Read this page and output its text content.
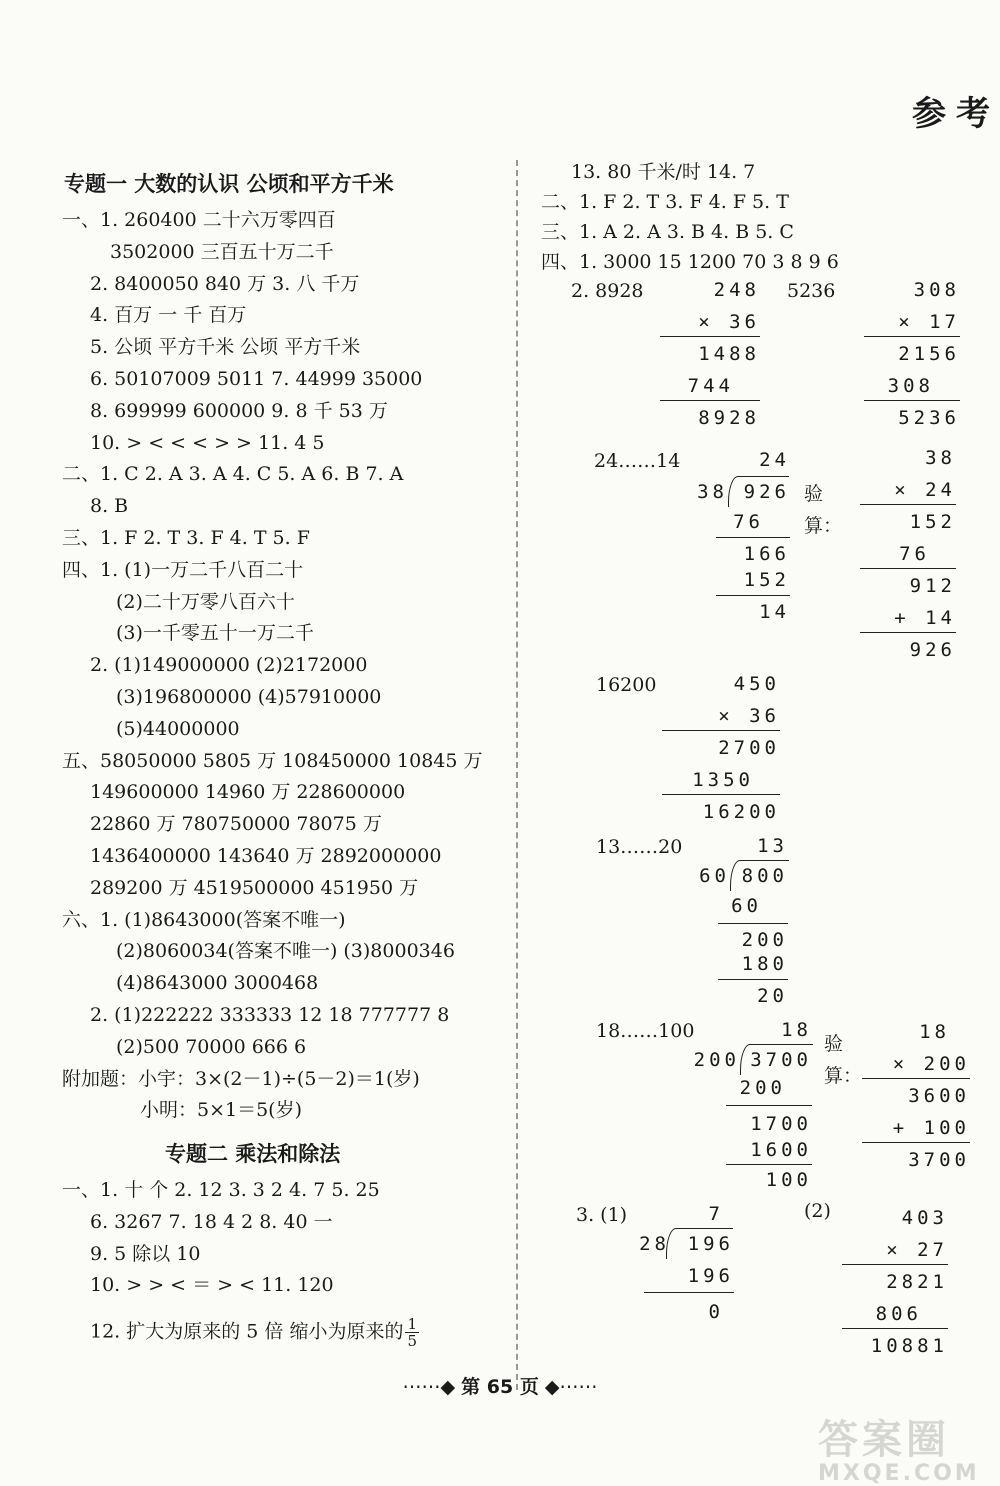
参考
专题一 大数的认识 公顷和平方千米
一、1. 260400 二十六万零四百
3502000 三百五十万二千
2. 8400050 840 万 3. 八 千万
4. 百万 一 千 百万
5. 公顷 平方千米 公顷 平方千米
6. 50107009 5011 7. 44999 35000
8. 699999 600000 9. 8 千 53 万
10. > < < < > > 11. 4 5
二、1. C 2. A 3. A 4. C 5. A 6. B 7. A
8. B
三、1. F 2. T 3. F 4. T 5. F
四、1. (1)一万二千八百二十
(2)二十万零八百六十
(3)一千零五十一万二千
2. (1)149000000 (2)2172000
(3)196800000 (4)57910000
(5)44000000
五、58050000 5805 万 108450000 10845 万
149600000 14960 万 228600000
22860 万 780750000 78075 万
1436400000 143640 万 2892000000
289200 万 4519500000 451950 万
六、1. (1)8643000(答案不唯一)
(2)8060034(答案不唯一) (3)8000346
(4)8643000 3000468
2. (1)222222 333333 12 18 777777 8
(2)500 70000 666 6
附加题：小宇：3×(2－1)÷(5－2)＝1(岁)
小明：5×1＝5(岁)
专题二 乘法和除法
一、1. 十 个 2. 12 3. 3 2 4. 7 5. 25
6. 3267 7. 18 4 2 8. 40 一
9. 5 除以 10
10. > > < ＝ > < 11. 120
12. 扩大为原来的 5 倍 缩小为原来的 $\frac{1}{5}$
13. 80 千米/时 14. 7
二、1. F 2. T 3. F 4. F 5. T
三、1. A 2. A 3. B 4. B 5. C
四、1. 3000 15 1200 70 3 8 9 6
2. 8928	248
× 36
1488
744
8928
5236	308
× 17
2156
308
5236
24……14	24
38 926
76
166
152
14
验算：
38
× 24
152
76
912
+ 14
926
16200	450
× 36
2700
1350
16200
13……20	13
60 800
60
200
180
20
18……100	18
200 3700
200
1700
1600
100
验算：
18
× 200
3600
+ 100
3700
3. (1)	7
28 196
196
0
(2)	403
× 27
2821
806
10881
⋯⋯◆ 第 65 页 ◆⋯⋯
答案圈
MXQE.COM
